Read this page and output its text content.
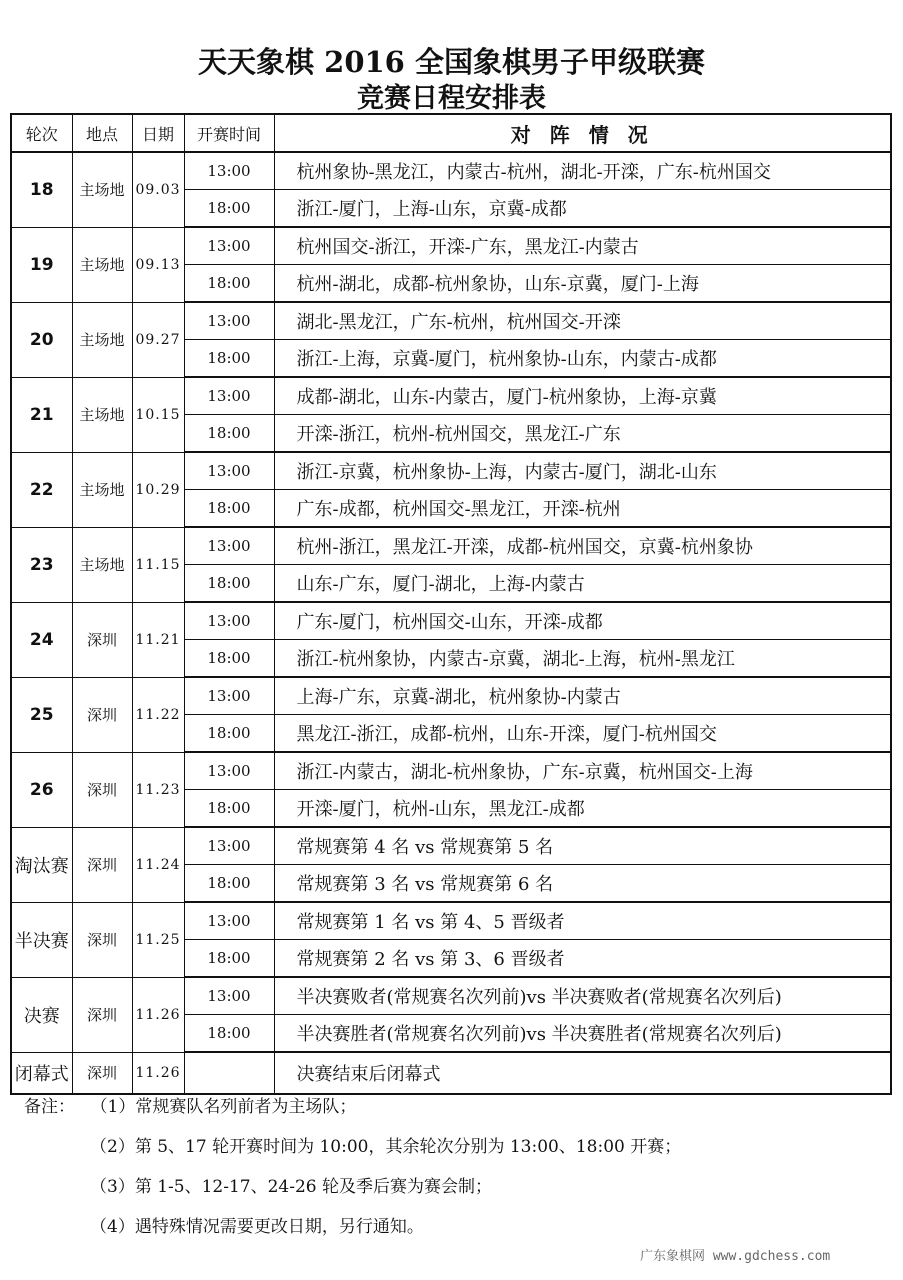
天天象棋 2016 全国象棋男子甲级联赛
竞赛日程安排表
轮次	地点	日期	开赛时间	对 阵 情 况
18	主场地	09.03	13:00	杭州象协-黑龙江，内蒙古-杭州，湖北-开滦，广东-杭州国交
			18:00	浙江-厦门，上海-山东，京冀-成都
19	主场地	09.13	13:00	杭州国交-浙江，开滦-广东，黑龙江-内蒙古
			18:00	杭州-湖北，成都-杭州象协，山东-京冀，厦门-上海
20	主场地	09.27	13:00	湖北-黑龙江，广东-杭州，杭州国交-开滦
			18:00	浙江-上海，京冀-厦门，杭州象协-山东，内蒙古-成都
21	主场地	10.15	13:00	成都-湖北，山东-内蒙古，厦门-杭州象协，上海-京冀
			18:00	开滦-浙江，杭州-杭州国交，黑龙江-广东
22	主场地	10.29	13:00	浙江-京冀，杭州象协-上海，内蒙古-厦门，湖北-山东
			18:00	广东-成都，杭州国交-黑龙江，开滦-杭州
23	主场地	11.15	13:00	杭州-浙江，黑龙江-开滦，成都-杭州国交，京冀-杭州象协
			18:00	山东-广东，厦门-湖北，上海-内蒙古
24	深圳	11.21	13:00	广东-厦门，杭州国交-山东，开滦-成都
			18:00	浙江-杭州象协，内蒙古-京冀，湖北-上海，杭州-黑龙江
25	深圳	11.22	13:00	上海-广东，京冀-湖北，杭州象协-内蒙古
			18:00	黑龙江-浙江，成都-杭州，山东-开滦，厦门-杭州国交
26	深圳	11.23	13:00	浙江-内蒙古，湖北-杭州象协，广东-京冀，杭州国交-上海
			18:00	开滦-厦门，杭州-山东，黑龙江-成都
淘汰赛	深圳	11.24	13:00	常规赛第 4 名 vs 常规赛第 5 名
			18:00	常规赛第 3 名 vs 常规赛第 6 名
半决赛	深圳	11.25	13:00	常规赛第 1 名 vs 第 4、5 晋级者
			18:00	常规赛第 2 名 vs 第 3、6 晋级者
决赛	深圳	11.26	13:00	半决赛败者(常规赛名次列前)vs 半决赛败者(常规赛名次列后)
			18:00	半决赛胜者(常规赛名次列前)vs 半决赛胜者(常规赛名次列后)
闭幕式	深圳	11.26		决赛结束后闭幕式
备注： （1）常规赛队名列前者为主场队；
（2）第 5、17 轮开赛时间为 10:00，其余轮次分别为 13:00、18:00 开赛；
（3）第 1-5、12-17、24-26 轮及季后赛为赛会制；
（4）遇特殊情况需要更改日期，另行通知。
广东象棋网 www.gdchess.com
